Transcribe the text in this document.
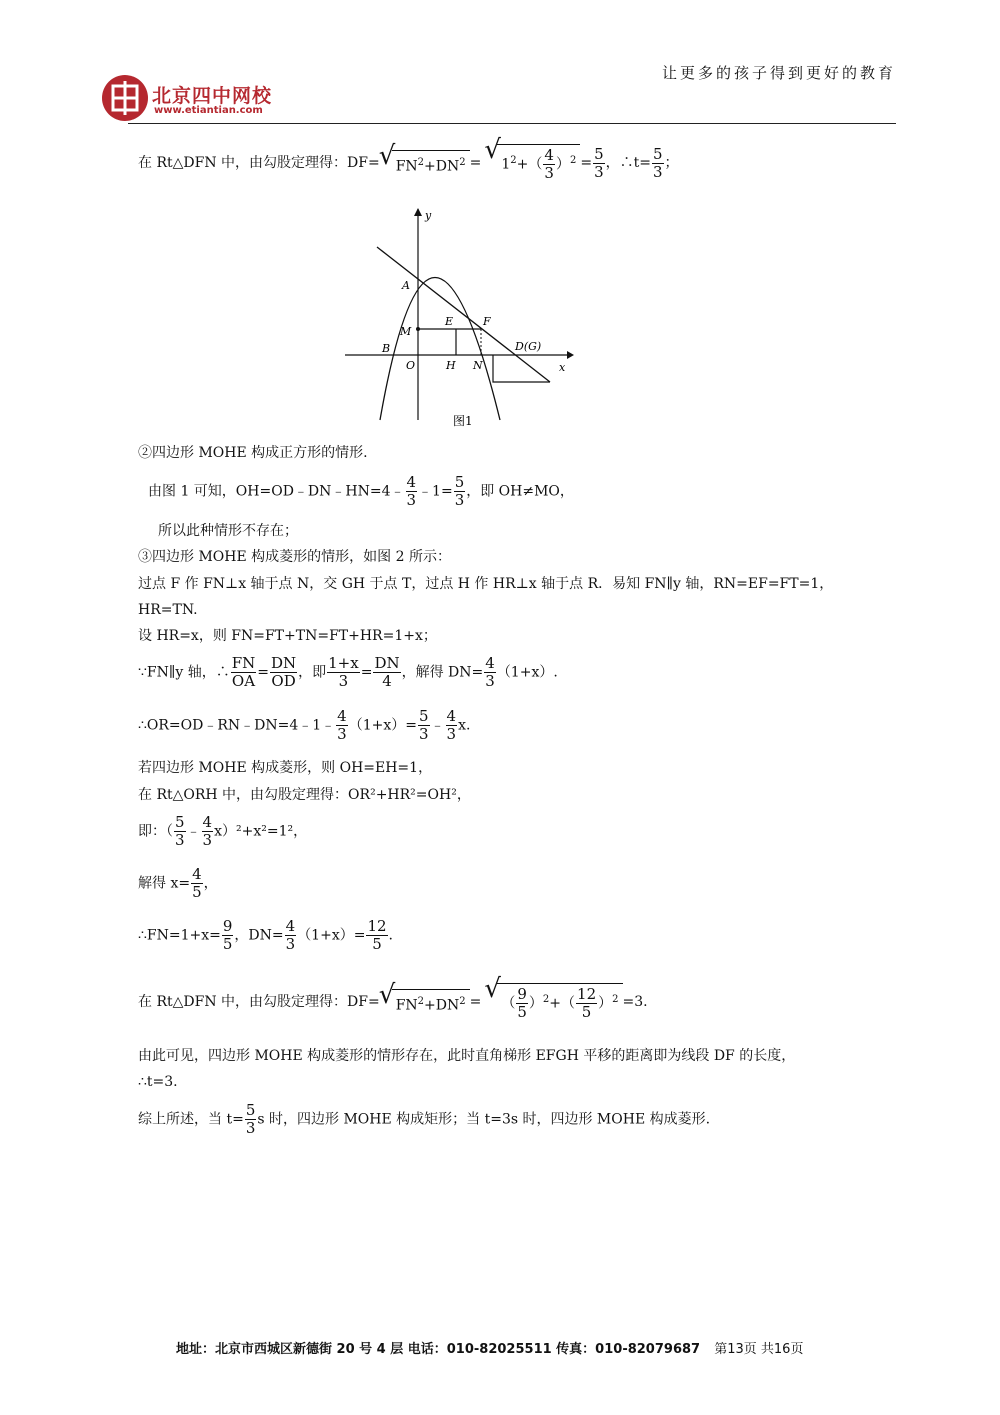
让更多的孩子得到更好的教育
北京四中网校
www.etiantian.com
在 Rt△DFN 中，由勾股定理得：DF= √ $FN^2+DN^2$ = √ $1^2+( \frac{4}{3} )^2 = \frac{5}{3}$ ，∴t= $\frac{5}{3}$ ；
y
x
A
M
E	F
B
O	H N
D(G)
图1
②四边形 MOHE 构成正方形的情形.
由图 1 可知，OH=OD﹣DN﹣HN=4﹣ $\frac{4}{3}$ ﹣1= $\frac{5}{3}$ ，即 OH≠MO，
所以此种情形不存在；
③四边形 MOHE 构成菱形的情形，如图 2 所示：
过点 F 作 FN⊥x 轴于点 N，交 GH 于点 T，过点 H 作 HR⊥x 轴于点 R．易知 FN∥y 轴，RN=EF=FT=1，
HR=TN.
设 HR=x，则 FN=FT+TN=FT+HR=1+x；
∵FN∥y 轴，∴ $\frac{FN}{OA} = \frac{DN}{OD}$ ，即 $\frac{1+x}{3} = \frac{DN}{4}$ ，解得 $DN= \frac{4}{3} (1+x)$.
∴OR=OD﹣RN﹣DN=4﹣1﹣ $\frac{4}{3} (1+x)= \frac{5}{3}$ ﹣ $\frac{4}{3} x$.
若四边形 MOHE 构成菱形，则 OH=EH=1，
在 Rt△ORH 中，由勾股定理得：OR²+HR²=OH²，
即：（ $\frac{5}{3}$ ﹣ $\frac{4}{3} x)^2+x^2=1^2$，
解得 $x= \frac{4}{5}$ ，
∴FN=1+x= $\frac{9}{5}$ ，$DN= \frac{4}{3} (1+x)= \frac{12}{5}$ .
在 Rt△DFN 中，由勾股定理得：DF= √ $FN^2+DN^2$ = √ （ $\frac{9}{5} )^2+( \frac{12}{5} )^2 =3$.
由此可见，四边形 MOHE 构成菱形的情形存在，此时直角梯形 EFGH 平移的距离即为线段 DF 的长度，
∴t=3.
综上所述，当 $t= \frac{5}{3}$ s 时，四边形 MOHE 构成矩形；当 t=3s 时，四边形 MOHE 构成菱形.
地址：北京市西城区新德街 20 号 4 层 电话：010-82025511 传真：010-82079687 第13页 共16页
